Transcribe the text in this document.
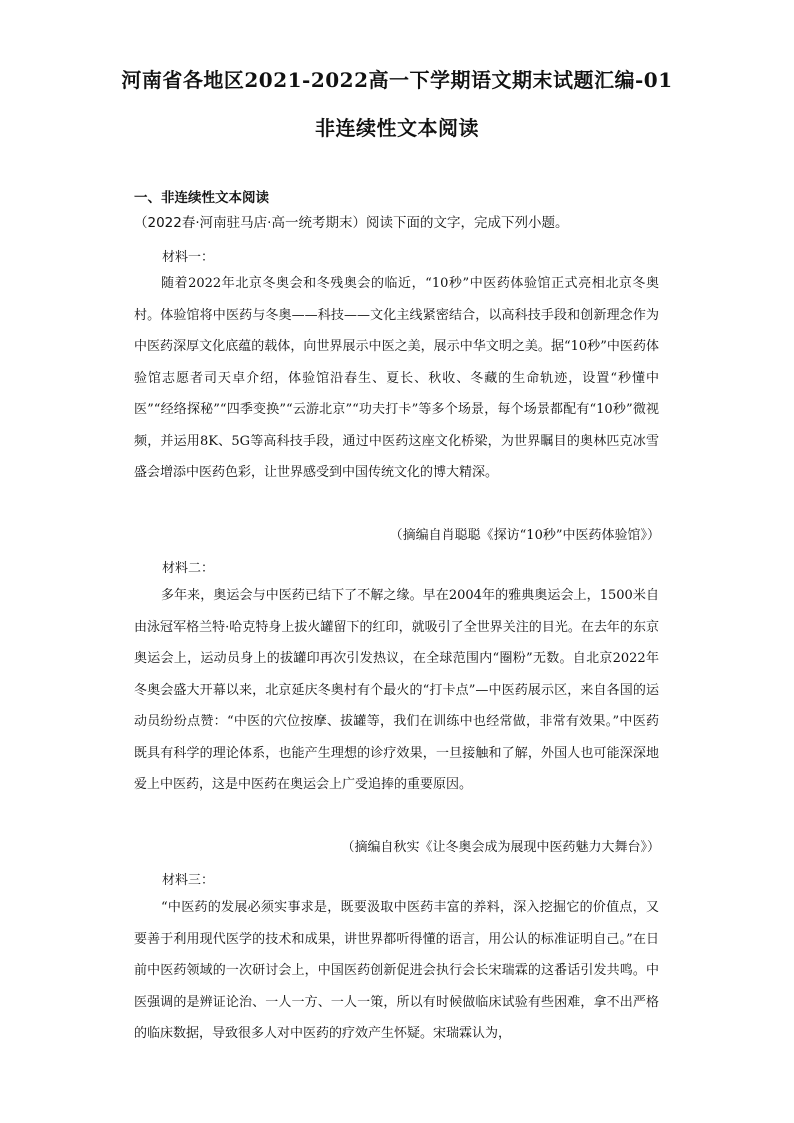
河南省各地区2021-2022高一下学期语文期末试题汇编-01
非连续性文本阅读
一、非连续性文本阅读
（2022春·河南驻马店·高一统考期末）阅读下面的文字，完成下列小题。
材料一：
随着2022年北京冬奥会和冬残奥会的临近，“10秒”中医药体验馆正式亮相北京冬奥村。体验馆将中医药与冬奥——科技——文化主线紧密结合，以高科技手段和创新理念作为中医药深厚文化底蕴的载体，向世界展示中医之美，展示中华文明之美。据“10秒”中医药体验馆志愿者司天卓介绍，体验馆沿春生、夏长、秋收、冬藏的生命轨迹，设置“秒懂中医”“经络探秘”“四季变换”“云游北京”“功夫打卡”等多个场景，每个场景都配有“10秒”微视频，并运用8K、5G等高科技手段，通过中医药这座文化桥梁，为世界瞩目的奥林匹克冰雪盛会增添中医药色彩，让世界感受到中国传统文化的博大精深。
（摘编自肖聪聪《探访“10秒”中医药体验馆》）
材料二：
多年来，奥运会与中医药已结下了不解之缘。早在2004年的雅典奥运会上，1500米自由泳冠军格兰特·哈克特身上拔火罐留下的红印，就吸引了全世界关注的目光。在去年的东京奥运会上，运动员身上的拔罐印再次引发热议，在全球范围内“圈粉”无数。自北京2022年冬奥会盛大开幕以来，北京延庆冬奥村有个最火的“打卡点”—中医药展示区，来自各国的运动员纷纷点赞：“中医的穴位按摩、拔罐等，我们在训练中也经常做，非常有效果。”中医药既具有科学的理论体系，也能产生理想的诊疗效果，一旦接触和了解，外国人也可能深深地爱上中医药，这是中医药在奥运会上广受追捧的重要原因。
（摘编自秋实《让冬奥会成为展现中医药魅力大舞台》）
材料三：
“中医药的发展必须实事求是，既要汲取中医药丰富的养料，深入挖掘它的价值点，又要善于利用现代医学的技术和成果，讲世界都听得懂的语言，用公认的标准证明自己。”在日前中医药领域的一次研讨会上，中国医药创新促进会执行会长宋瑞霖的这番话引发共鸣。中医强调的是辨证论治、一人一方、一人一策，所以有时候做临床试验有些困难，拿不出严格的临床数据，导致很多人对中医药的疗效产生怀疑。宋瑞霖认为，
